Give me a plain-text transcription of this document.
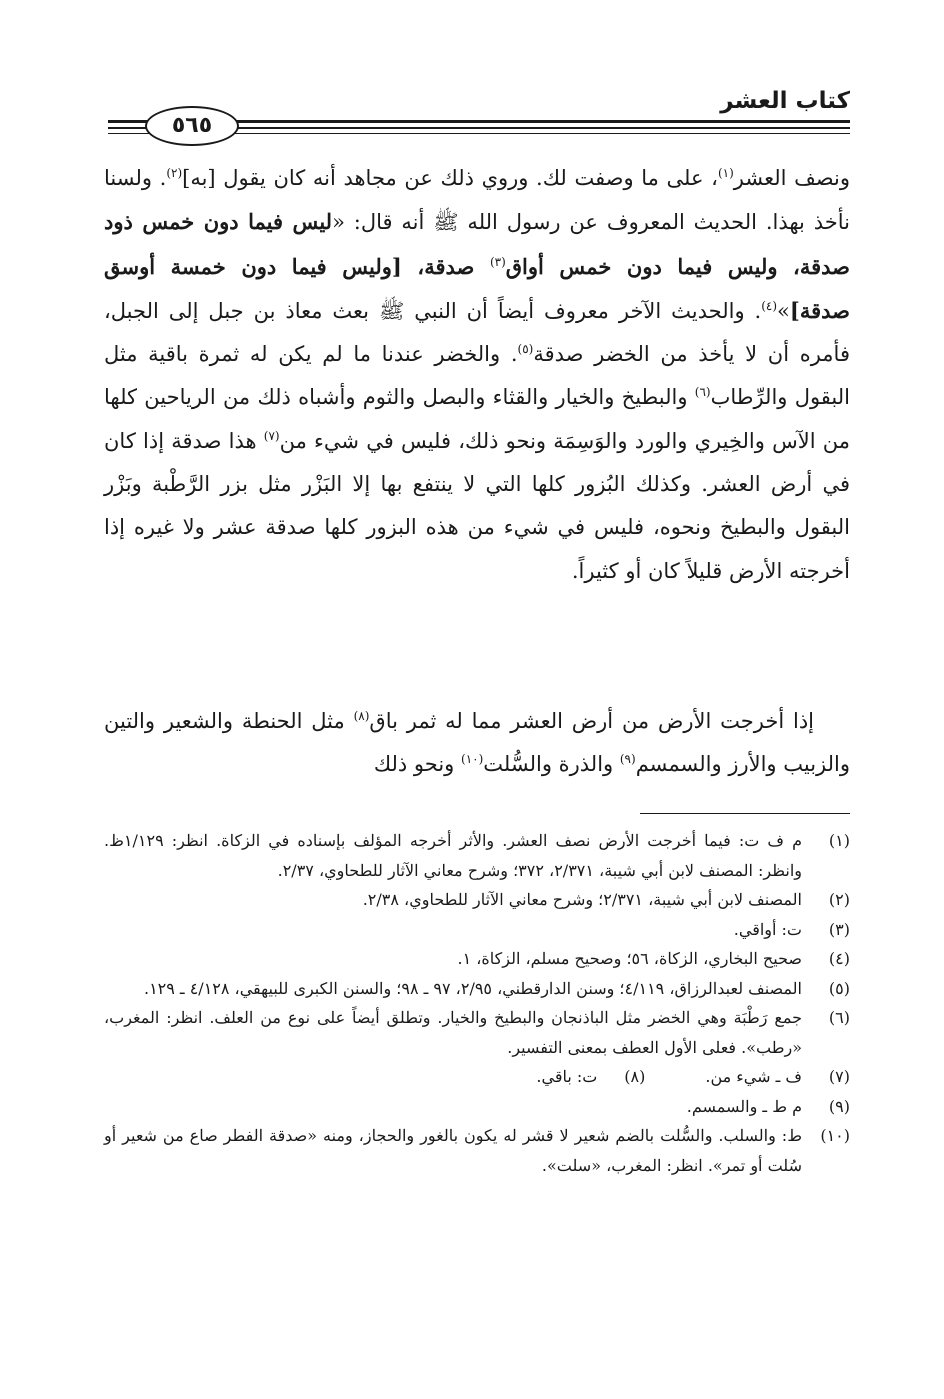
كتاب العشر
٥٦٥

ونصف العشر$^{(١)}$، على ما وصفت لك. وروي ذلك عن مجاهد أنه كان يقول [به]$^{(٢)}$. ولسنا نأخذ بهذا. الحديث المعروف عن رسول الله ﷺ أنه قال: «ليس فيما دون خمس ذود صدقة، وليس فيما دون خمس أواق$^{(٣)}$ صدقة، [وليس فيما دون خمسة أوسق صدقة]»$^{(٤)}$. والحديث الآخر معروف أيضاً أن النبي ﷺ بعث معاذ بن جبل إلى الجبل، فأمره أن لا يأخذ من الخضر صدقة$^{(٥)}$. والخضر عندنا ما لم يكن له ثمرة باقية مثل البقول والرِّطاب$^{(٦)}$ والبطيخ والخيار والقثاء والبصل والثوم وأشباه ذلك من الرياحين كلها من الآس والخِيري والورد والوَسِمَة ونحو ذلك، فليس في شيء من$^{(٧)}$ هذا صدقة إذا كان في أرض العشر. وكذلك البُزور كلها التي لا ينتفع بها إلا البَزْر مثل بزر الرَّطْبة وبَزْر البقول والبطيخ ونحوه، فليس في شيء من هذه البزور كلها صدقة عشر ولا غيره إذا أخرجته الأرض قليلاً كان أو كثيراً.

إذا أخرجت الأرض من أرض العشر مما له ثمر باق$^{(٨)}$ مثل الحنطة والشعير والتين والزبيب والأرز والسمسم$^{(٩)}$ والذرة والسُّلت$^{(١٠)}$ ونحو ذلك

(١)
م ف ت: فيما أخرجت الأرض نصف العشر. والأثر أخرجه المؤلف بإسناده في الزكاة. انظر: ١/١٢٩ظ. وانظر: المصنف لابن أبي شيبة، ٢/٣٧١، ٣٧٢؛ وشرح معاني الآثار للطحاوي، ٢/٣٧.
(٢)
المصنف لابن أبي شيبة، ٢/٣٧١؛ وشرح معاني الآثار للطحاوي، ٢/٣٨.
(٣)
ت: أواقي.
(٤)
صحيح البخاري، الزكاة، ٥٦؛ وصحيح مسلم، الزكاة، ١.
(٥)
المصنف لعبدالرزاق، ٤/١١٩؛ وسنن الدارقطني، ٢/٩٥، ٩٧ ـ ٩٨؛ والسنن الكبرى للبيهقي، ٤/١٢٨ ـ ١٢٩.
(٦)
جمع رَطْبَة وهي الخضر مثل الباذنجان والبطيخ والخيار. وتطلق أيضاً على نوع من العلف. انظر: المغرب، «رطب». فعلى الأول العطف بمعنى التفسير.
(٧)
ف ـ شيء من.
(٨)
ت: باقي.
(٩)
م ط ـ والسمسم.
(١٠)
ط: والسلب. والسُّلت بالضم شعير لا قشر له يكون بالغور والحجاز، ومنه «صدقة الفطر صاع من شعير أو سُلت أو تمر». انظر: المغرب، «سلت».
